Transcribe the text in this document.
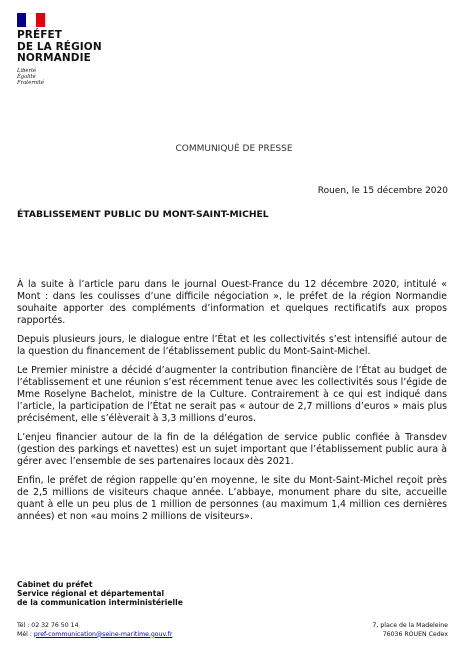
PRÉFET
DE LA RÉGION
NORMANDIE
Liberté
Égalité
Fraternité
COMMUNIQUÉ DE PRESSE
Rouen, le 15 décembre 2020
ÉTABLISSEMENT PUBLIC DU MONT-SAINT-MICHEL

À la suite à l’article paru dans le journal Ouest-France du 12 décembre 2020, intitulé « Mont : dans les coulisses d’une difficile négociation », le préfet de la région Normandie souhaite apporter des compléments d’information et quelques rectificatifs aux propos rapportés.

Depuis plusieurs jours, le dialogue entre l’État et les collectivités s’est intensifié autour de la question du financement de l’établissement public du Mont-Saint-Michel.

Le Premier ministre a décidé d’augmenter la contribution financière de l’État au budget de l’établissement et une réunion s’est récemment tenue avec les collectivités sous l’égide de Mme Roselyne Bachelot, ministre de la Culture. Contrairement à ce qui est indiqué dans l’article, la participation de l’État ne serait pas « autour de 2,7 millions d’euros » mais plus précisément, elle s’élèverait à 3,3 millions d’euros.

L’enjeu financier autour de la fin de la délégation de service public confiée à Transdev (gestion des parkings et navettes) est un sujet important que l’établissement public aura à gérer avec l’ensemble de ses partenaires locaux dès 2021.

Enfin, le préfet de région rappelle qu’en moyenne, le site du Mont-Saint-Michel reçoit près de 2,5 millions de visiteurs chaque année. L’abbaye, monument phare du site, accueille quant à elle un peu plus de 1 million de personnes (au maximum 1,4 million ces dernières années) et non «au moins 2 millions de visiteurs».

Cabinet du préfet
Service régional et départemental
de la communication interministérielle
Tél : 02 32 76 50 14
Mél : pref-communication@seine-maritime.gouv.fr
7, place de la Madeleine
76036 ROUEN Cedex
